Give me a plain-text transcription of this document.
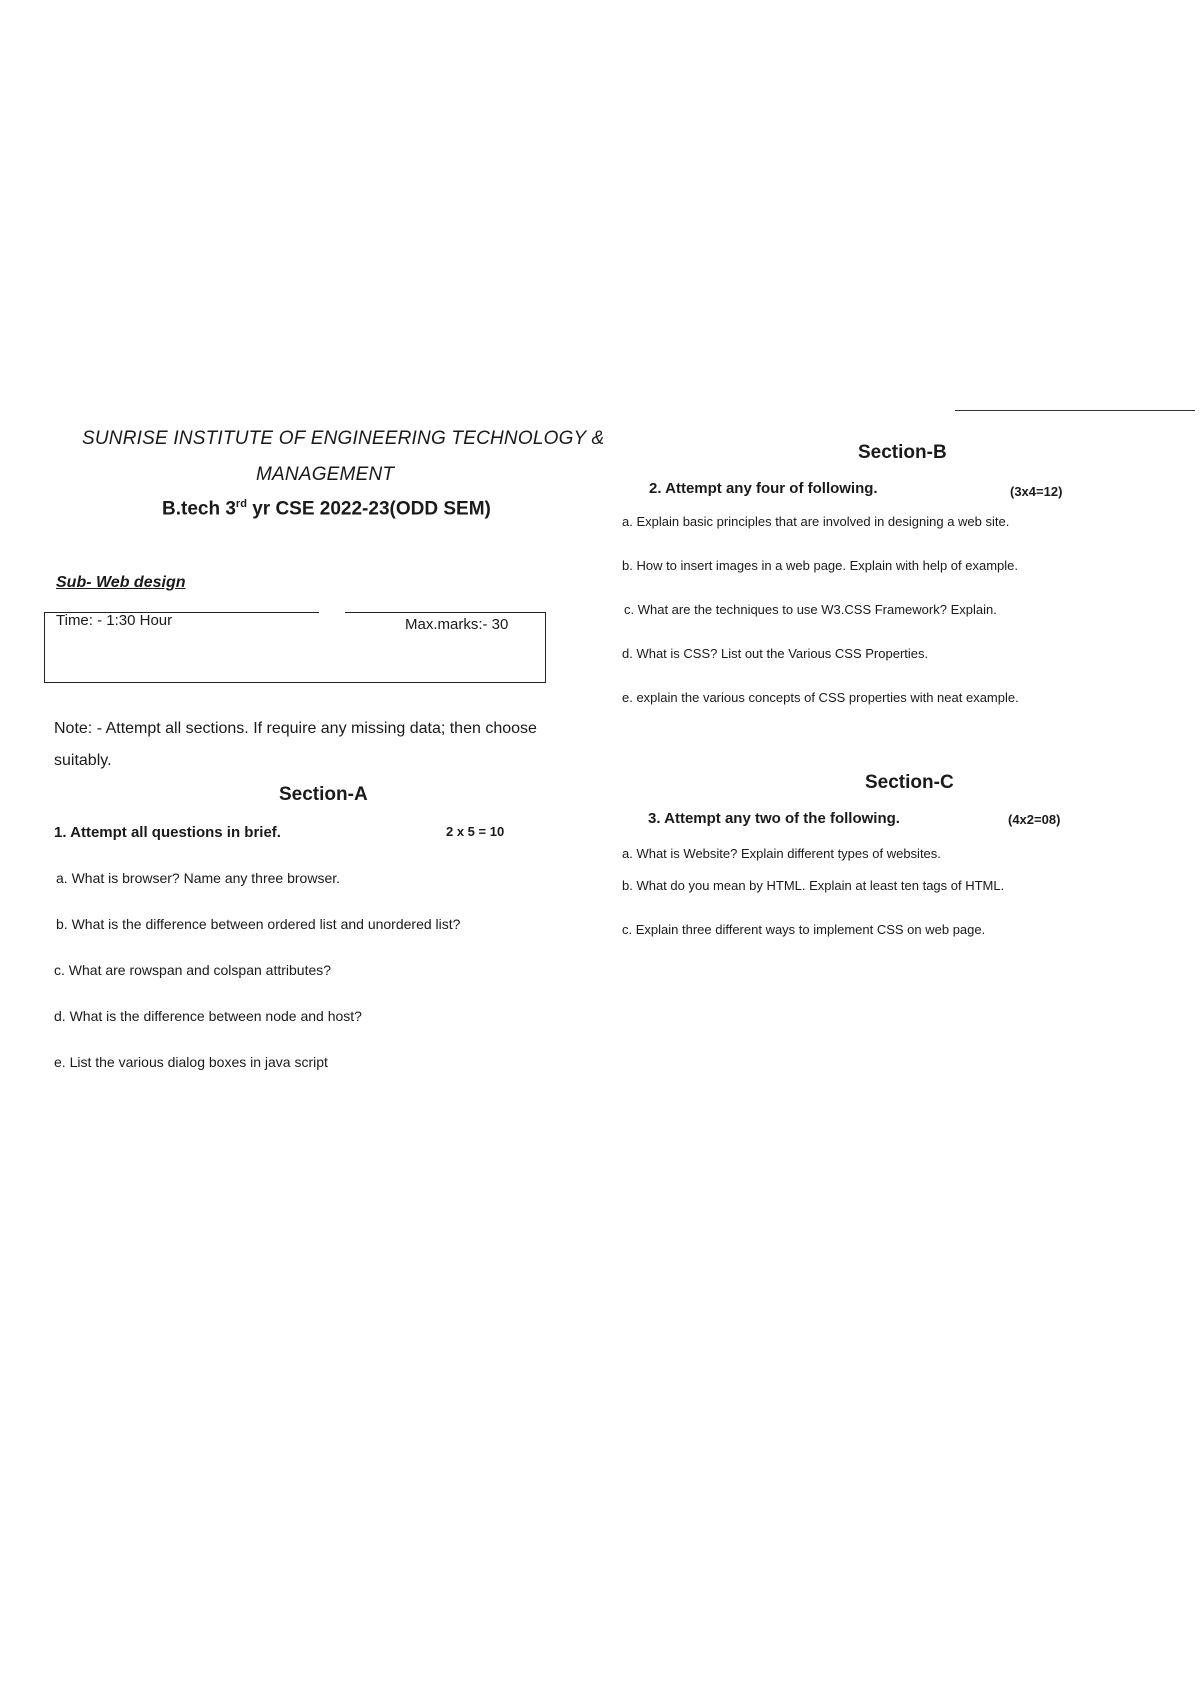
SUNRISE INSTITUTE OF ENGINEERING TECHNOLOGY &
MANAGEMENT
B.tech 3rd yr CSE 2022-23(ODD SEM)
Sub- Web design
Time: - 1:30 Hour	Max.marks:- 30
Note: - Attempt all sections. If require any missing data; then choose
suitably.
Section-A
1. Attempt all questions in brief.	2 x 5 = 10
a. What is browser? Name any three browser.
b. What is the difference between ordered list and unordered list?
c. What are rowspan and colspan attributes?
d. What is the difference between node and host?
e. List the various dialog boxes in java script
Section-B
2. Attempt any four of following.	(3x4=12)
a. Explain basic principles that are involved in designing a web site.
b. How to insert images in a web page. Explain with help of example.
c. What are the techniques to use W3.CSS Framework? Explain.
d. What is CSS? List out the Various CSS Properties.
e. explain the various concepts of CSS properties with neat example.
Section-C
3. Attempt any two of the following.	(4x2=08)
a. What is Website? Explain different types of websites.
b. What do you mean by HTML. Explain at least ten tags of HTML.
c. Explain three different ways to implement CSS on web page.
